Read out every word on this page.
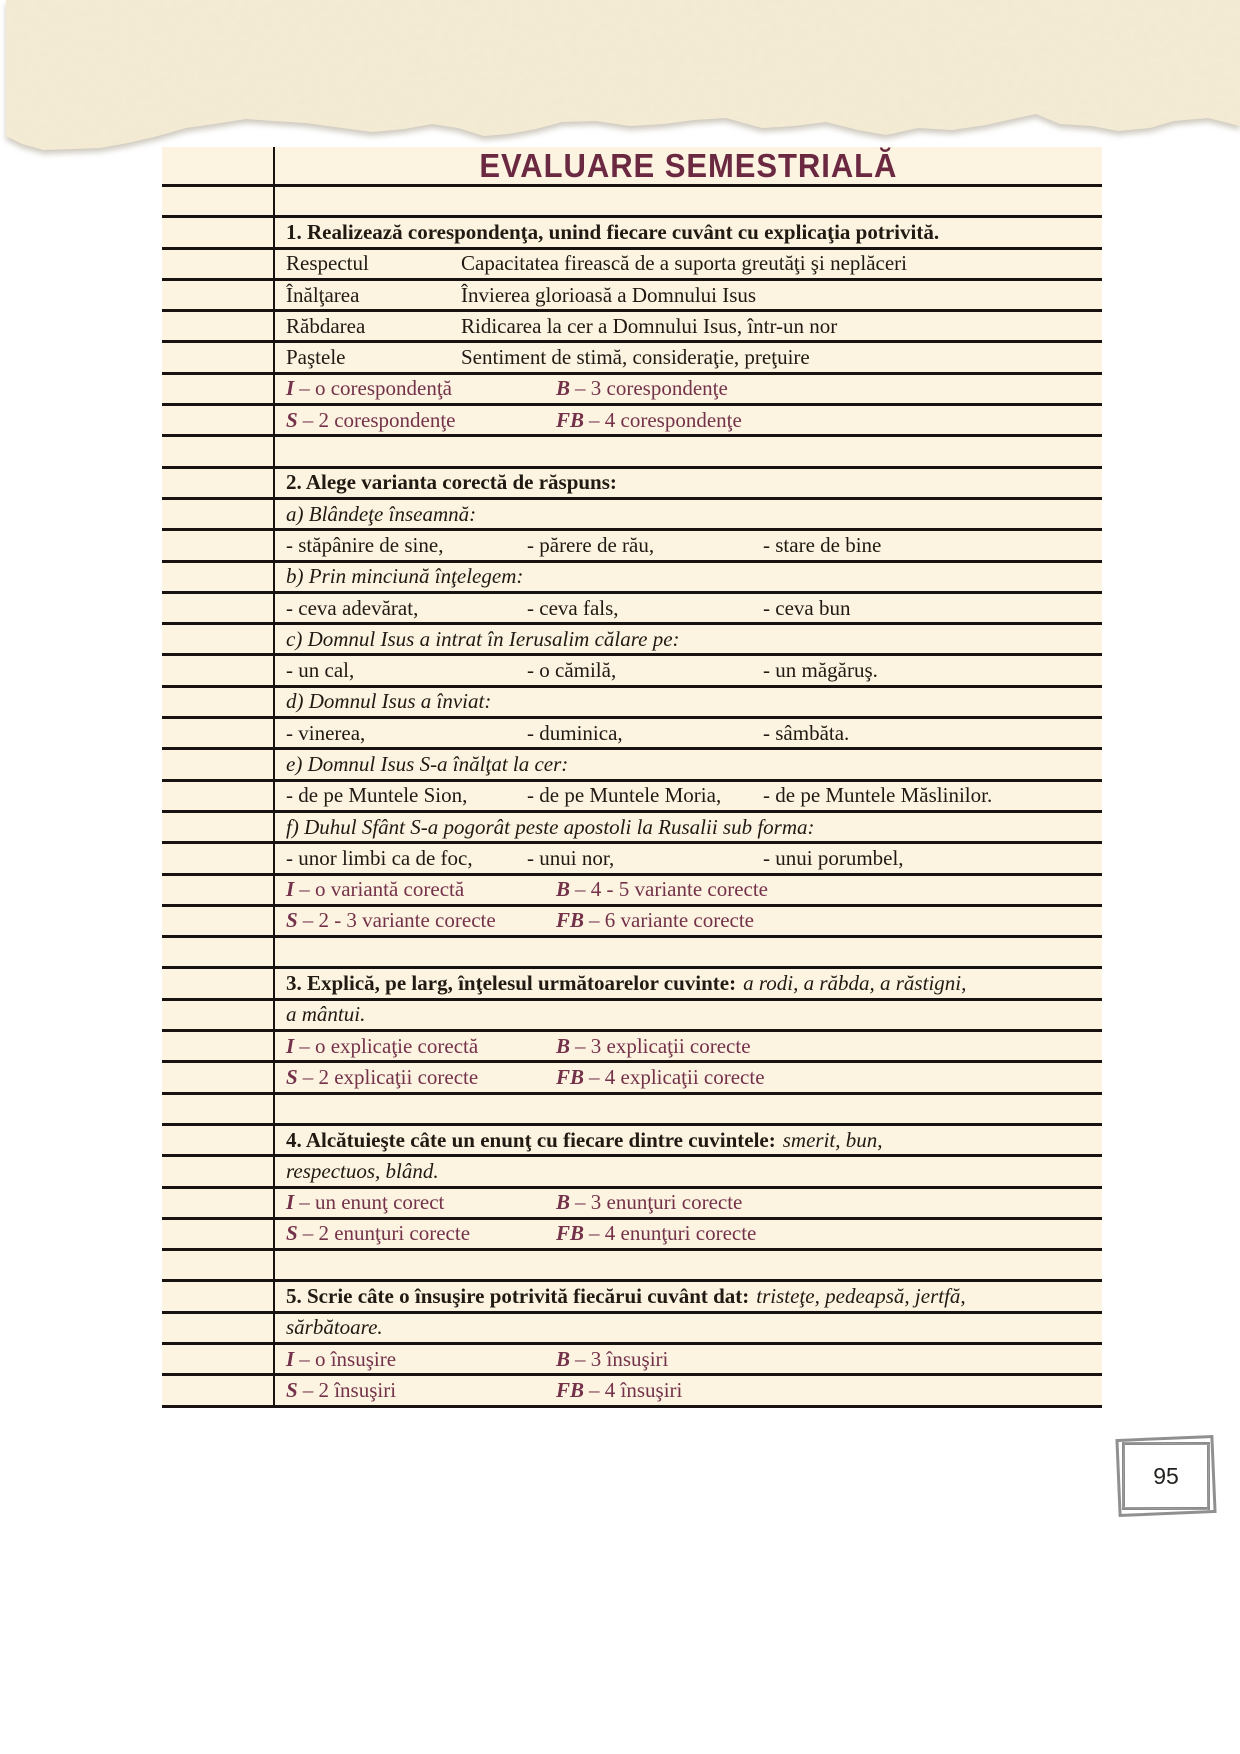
EVALUARE SEMESTRIALĂ
1. Realizează corespondenţa, unind fiecare cuvânt cu explicaţia potrivită.
Respectul	Capacitatea firească de a suporta greutăţi şi neplăceri
Înălţarea	Învierea glorioasă a Domnului Isus
Răbdarea	Ridicarea la cer a Domnului Isus, într-un nor
Paştele	Sentiment de stimă, consideraţie, preţuire
I – o corespondenţă	B – 3 corespondenţe
S – 2 corespondenţe	FB – 4 corespondenţe
2. Alege varianta corectă de răspuns:
a) Blândeţe înseamnă:
- stăpânire de sine,	- părere de rău,	- stare de bine
b) Prin minciună înţelegem:
- ceva adevărat,	- ceva fals,	- ceva bun
c) Domnul Isus a intrat în Ierusalim călare pe:
- un cal,	- o cămilă,	- un măgăruş.
d) Domnul Isus a înviat:
- vinerea,	- duminica,	- sâmbăta.
e) Domnul Isus S-a înălţat la cer:
- de pe Muntele Sion,	- de pe Muntele Moria,	- de pe Muntele Măslinilor.
f) Duhul Sfânt S-a pogorât peste apostoli la Rusalii sub forma:
- unor limbi ca de foc,	- unui nor,	- unui porumbel,
I – o variantă corectă	B – 4 - 5 variante corecte
S – 2 - 3 variante corecte	FB – 6 variante corecte
3. Explică, pe larg, înţelesul următoarelor cuvinte: a rodi, a răbda, a răstigni,
a mântui.
I – o explicaţie corectă	B – 3 explicaţii corecte
S – 2 explicaţii corecte	FB – 4 explicaţii corecte
4. Alcătuieşte câte un enunţ cu fiecare dintre cuvintele: smerit, bun,
respectuos, blând.
I – un enunţ corect	B – 3 enunţuri corecte
S – 2 enunţuri corecte	FB – 4 enunţuri corecte
5. Scrie câte o însuşire potrivită fiecărui cuvânt dat: tristeţe, pedeapsă, jertfă,
sărbătoare.
I – o însuşire	B – 3 însuşiri
S – 2 însuşiri	FB – 4 însuşiri
95
